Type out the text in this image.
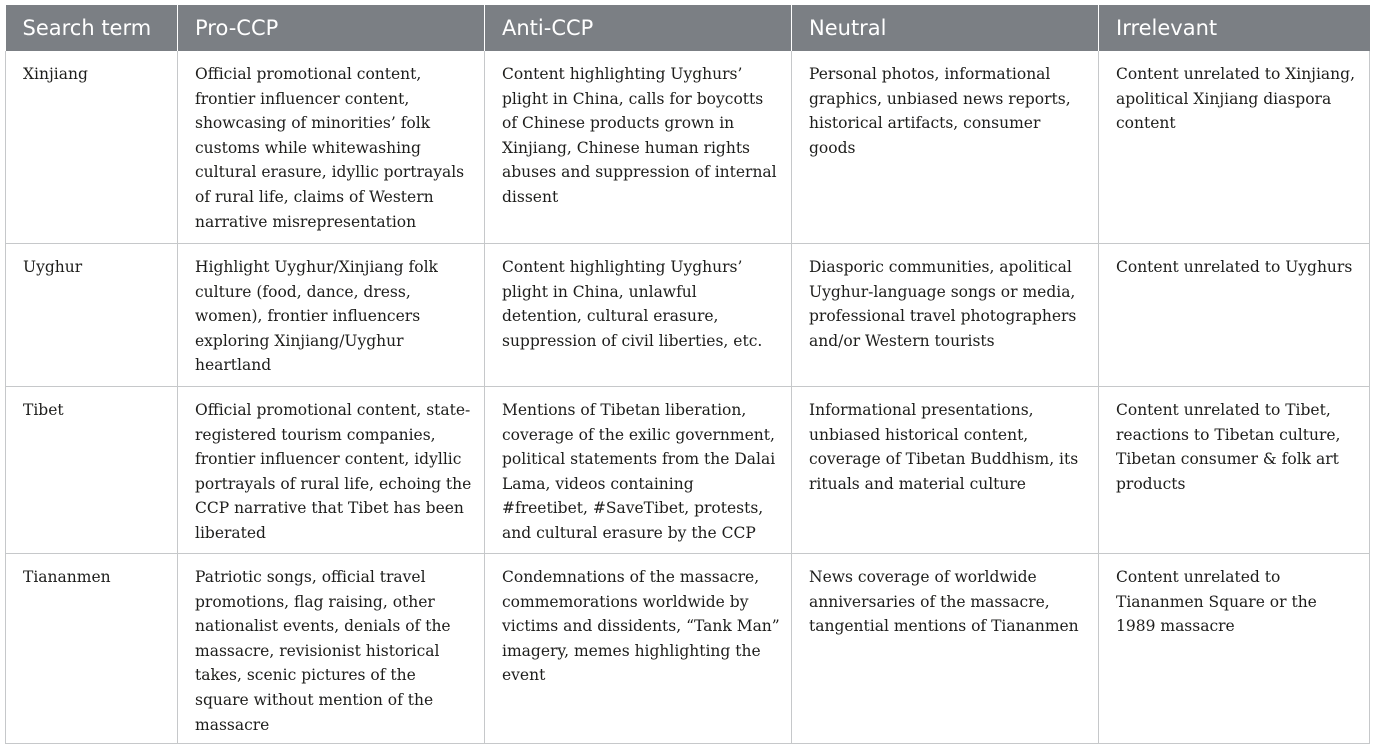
Search term	Pro-CCP	Anti-CCP	Neutral	Irrelevant
Xinjiang	Official promotional content, frontier influencer content, showcasing of minorities’ folk customs while whitewashing cultural erasure, idyllic portrayals of rural life, claims of Western narrative misrepresentation	Content highlighting Uyghurs’ plight in China, calls for boycotts of Chinese products grown in Xinjiang, Chinese human rights abuses and suppression of internal dissent	Personal photos, informational graphics, unbiased news reports, historical artifacts, consumer goods	Content unrelated to Xinjiang, apolitical Xinjiang diaspora content
Uyghur	Highlight Uyghur/Xinjiang folk culture (food, dance, dress, women), frontier influencers exploring Xinjiang/Uyghur heartland	Content highlighting Uyghurs’ plight in China, unlawful detention, cultural erasure, suppression of civil liberties, etc.	Diasporic communities, apolitical Uyghur-language songs or media, professional travel photographers and/or Western tourists	Content unrelated to Uyghurs
Tibet	Official promotional content, state-registered tourism companies, frontier influencer content, idyllic portrayals of rural life, echoing the CCP narrative that Tibet has been liberated	Mentions of Tibetan liberation, coverage of the exilic government, political statements from the Dalai Lama, videos containing #freetibet, #SaveTibet, protests, and cultural erasure by the CCP	Informational presentations, unbiased historical content, coverage of Tibetan Buddhism, its rituals and material culture	Content unrelated to Tibet, reactions to Tibetan culture, Tibetan consumer & folk art products
Tiananmen	Patriotic songs, official travel promotions, flag raising, other nationalist events, denials of the massacre, revisionist historical takes, scenic pictures of the square without mention of the massacre	Condemnations of the massacre, commemorations worldwide by victims and dissidents, “Tank Man” imagery, memes highlighting the event	News coverage of worldwide anniversaries of the massacre, tangential mentions of Tiananmen	Content unrelated to Tiananmen Square or the 1989 massacre
